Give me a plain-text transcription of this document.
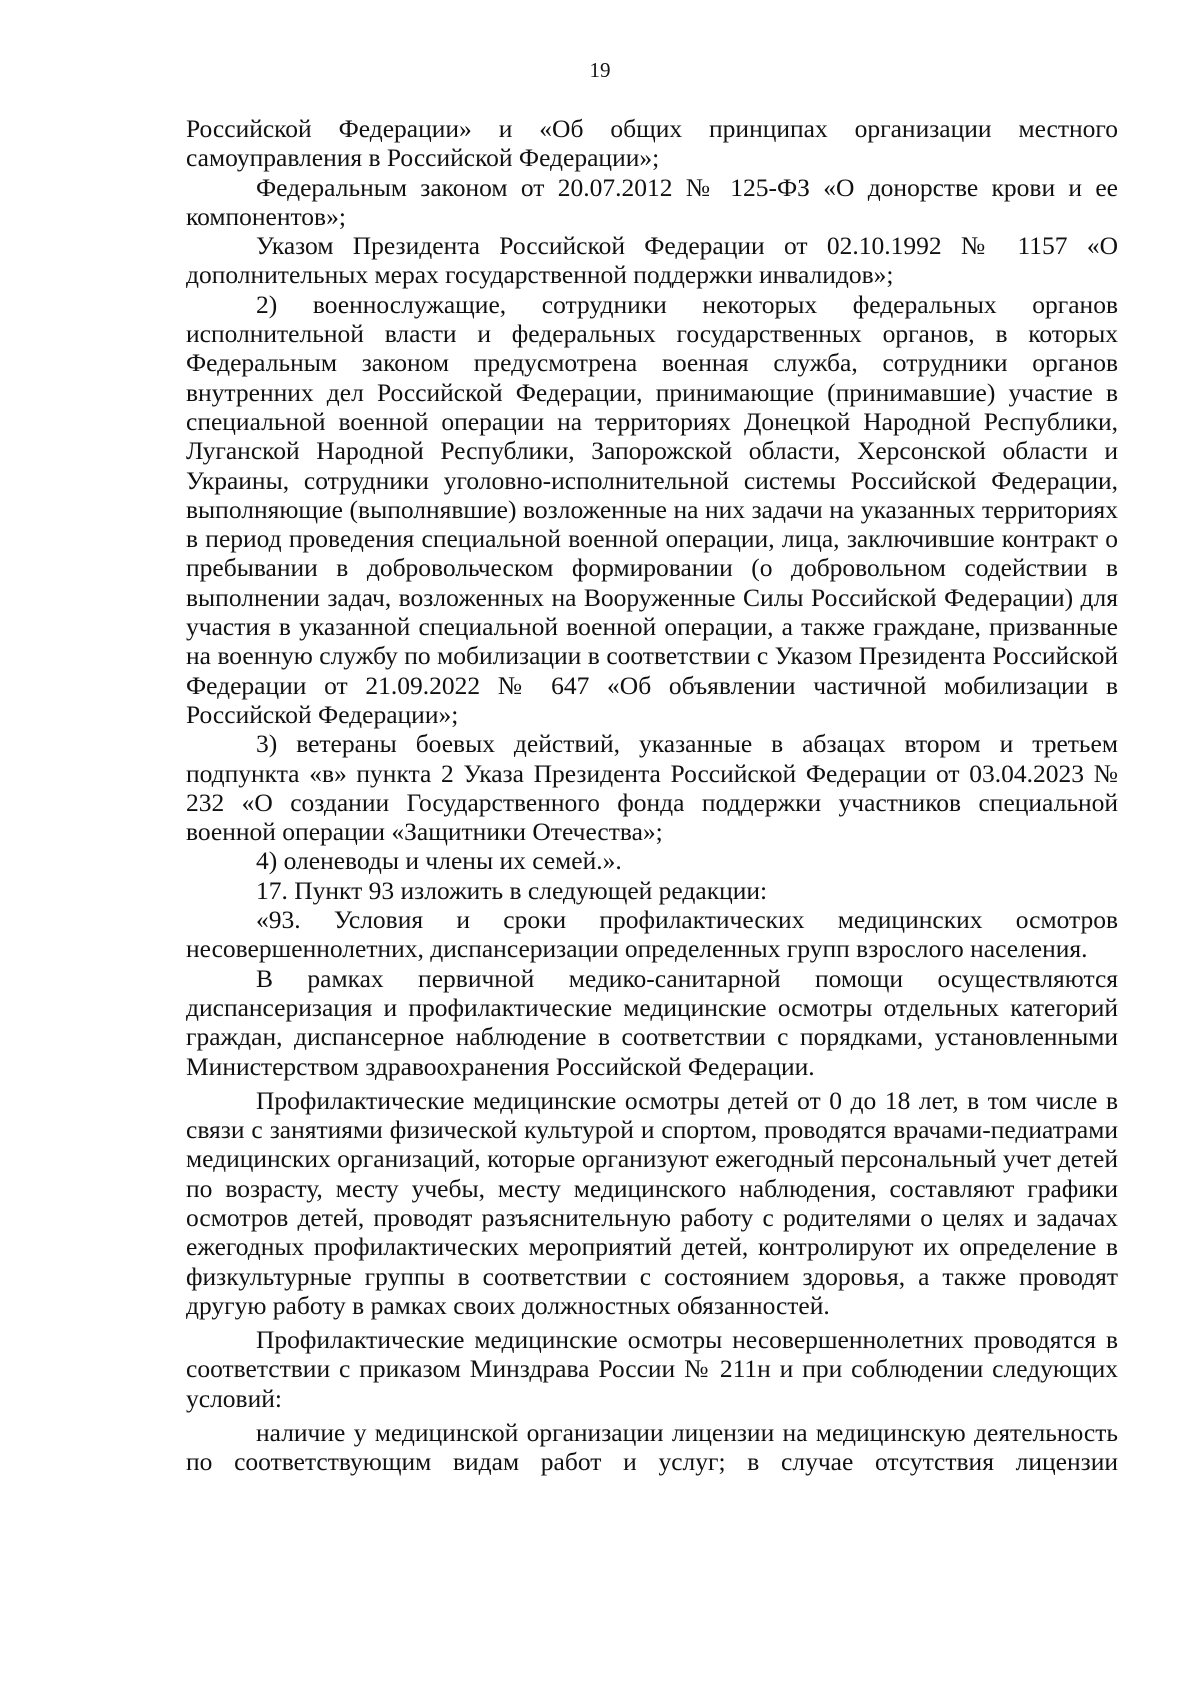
19

Российской Федерации» и «Об общих принципах организации местного самоуправления в Российской Федерации»;

Федеральным законом от 20.07.2012 № 125-ФЗ «О донорстве крови и ее компонентов»;

Указом Президента Российской Федерации от 02.10.1992 № 1157 «О дополнительных мерах государственной поддержки инвалидов»;

2) военнослужащие, сотрудники некоторых федеральных органов исполнительной власти и федеральных государственных органов, в которых Федеральным законом предусмотрена военная служба, сотрудники органов внутренних дел Российской Федерации, принимающие (принимавшие) участие в специальной военной операции на территориях Донецкой Народной Республики, Луганской Народной Республики, Запорожской области, Херсонской области и Украины, сотрудники уголовно-исполнительной системы Российской Федерации, выполняющие (выполнявшие) возложенные на них задачи на указанных территориях в период проведения специальной военной операции, лица, заключившие контракт о пребывании в добровольческом формировании (о добровольном содействии в выполнении задач, возложенных на Вооруженные Силы Российской Федерации) для участия в указанной специальной военной операции, а также граждане, призванные на военную службу по мобилизации в соответствии с Указом Президента Российской Федерации от 21.09.2022 № 647 «Об объявлении частичной мобилизации в Российской Федерации»;

3) ветераны боевых действий, указанные в абзацах втором и третьем подпункта «в» пункта 2 Указа Президента Российской Федерации от 03.04.2023 № 232 «О создании Государственного фонда поддержки участников специальной военной операции «Защитники Отечества»;

4) оленеводы и члены их семей.».

17. Пункт 93 изложить в следующей редакции:

«93. Условия и сроки профилактических медицинских осмотров несовершеннолетних, диспансеризации определенных групп взрослого населения.

В рамках первичной медико-санитарной помощи осуществляются диспансеризация и профилактические медицинские осмотры отдельных категорий граждан, диспансерное наблюдение в соответствии с порядками, установленными Министерством здравоохранения Российской Федерации.

Профилактические медицинские осмотры детей от 0 до 18 лет, в том числе в связи с занятиями физической культурой и спортом, проводятся врачами-педиатрами медицинских организаций, которые организуют ежегодный персональный учет детей по возрасту, месту учебы, месту медицинского наблюдения, составляют графики осмотров детей, проводят разъяснительную работу с родителями о целях и задачах ежегодных профилактических мероприятий детей, контролируют их определение в физкультурные группы в соответствии с состоянием здоровья, а также проводят другую работу в рамках своих должностных обязанностей.

Профилактические медицинские осмотры несовершеннолетних проводятся в соответствии с приказом Минздрава России № 211н и при соблюдении следующих условий:

наличие у медицинской организации лицензии на медицинскую деятельность по соответствующим видам работ и услуг; в случае отсутствия лицензии
